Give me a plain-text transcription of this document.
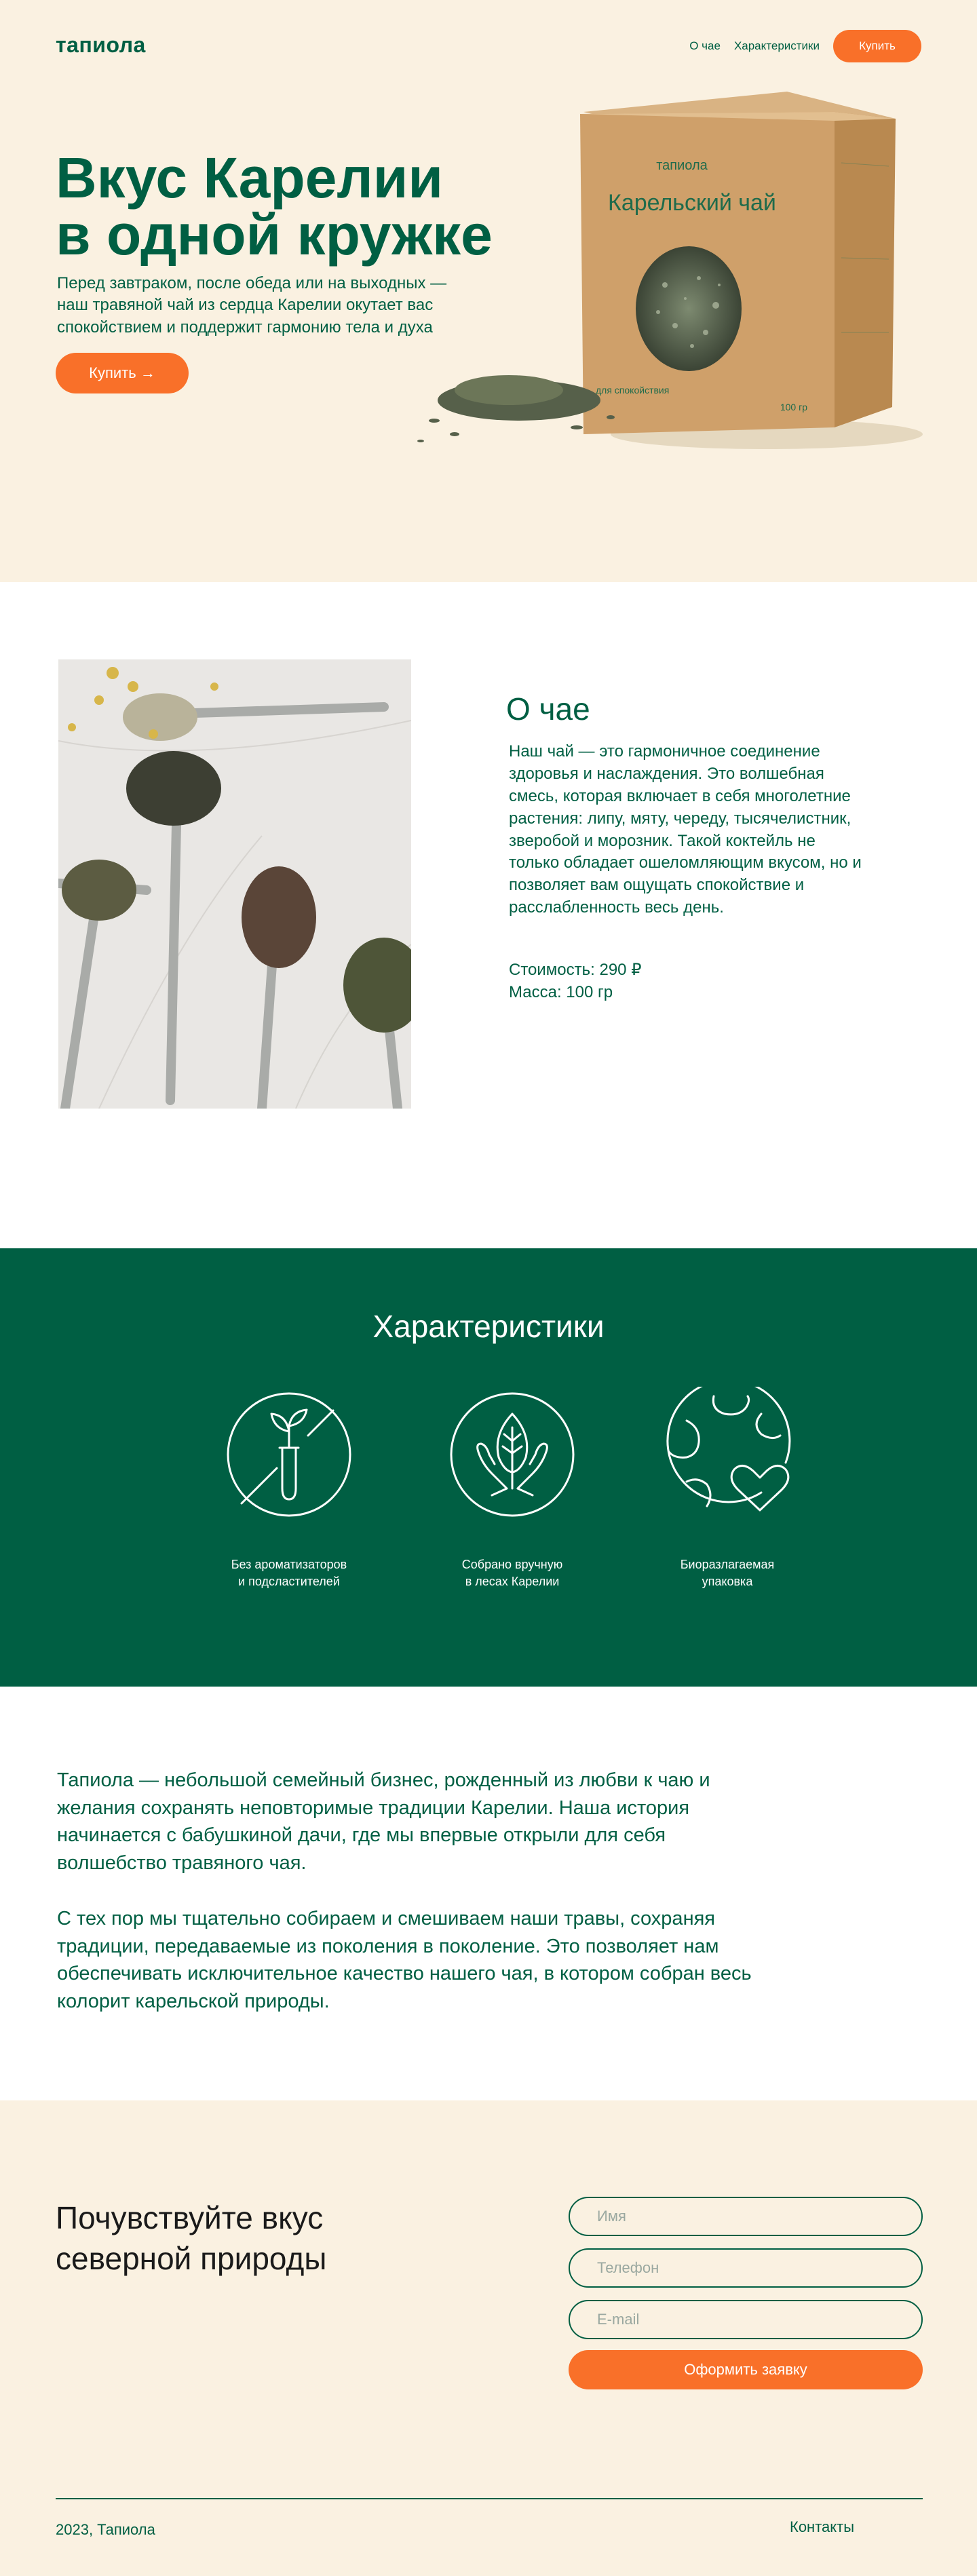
тапиола	О чае Характеристики	Купить
Вкус Карелии
в одной кружке

Перед завтраком, после обеда или на выходных — наш травяной чай из сердца Карелии окутает вас спокойствием и поддержит гармонию тела и духа

Купить →
тапиола
Карельский чай
для спокойствия
100 гр
О чае

Наш чай — это гармоничное соединение здоровья и наслаждения. Это волшебная смесь, которая включает в себя многолетние растения: липу, мяту, череду, тысячелистник, зверобой и морозник. Такой коктейль не только обладает ошеломляющим вкусом, но и позволяет вам ощущать спокойствие и расслабленность весь день.

Стоимость: 290 ₽
Масса: 100 гр
Характеристики
Без ароматизаторов
и подсластителей
Собрано вручную
в лесах Карелии
Биоразлагаемая
упаковка

Тапиола — небольшой семейный бизнес, рожденный из любви к чаю и желания сохранять неповторимые традиции Карелии. Наша история начинается с бабушкиной дачи, где мы впервые открыли для себя волшебство травяного чая.

С тех пор мы тщательно собираем и смешиваем наши травы, сохраняя традиции, передаваемые из поколения в поколение. Это позволяет нам обеспечивать исключительное качество нашего чая, в котором собран весь колорит карельской природы.

Почувствуйте вкус северной природы
Имя
Телефон
E-mail
Оформить заявку
2023, Тапиола	Контакты
